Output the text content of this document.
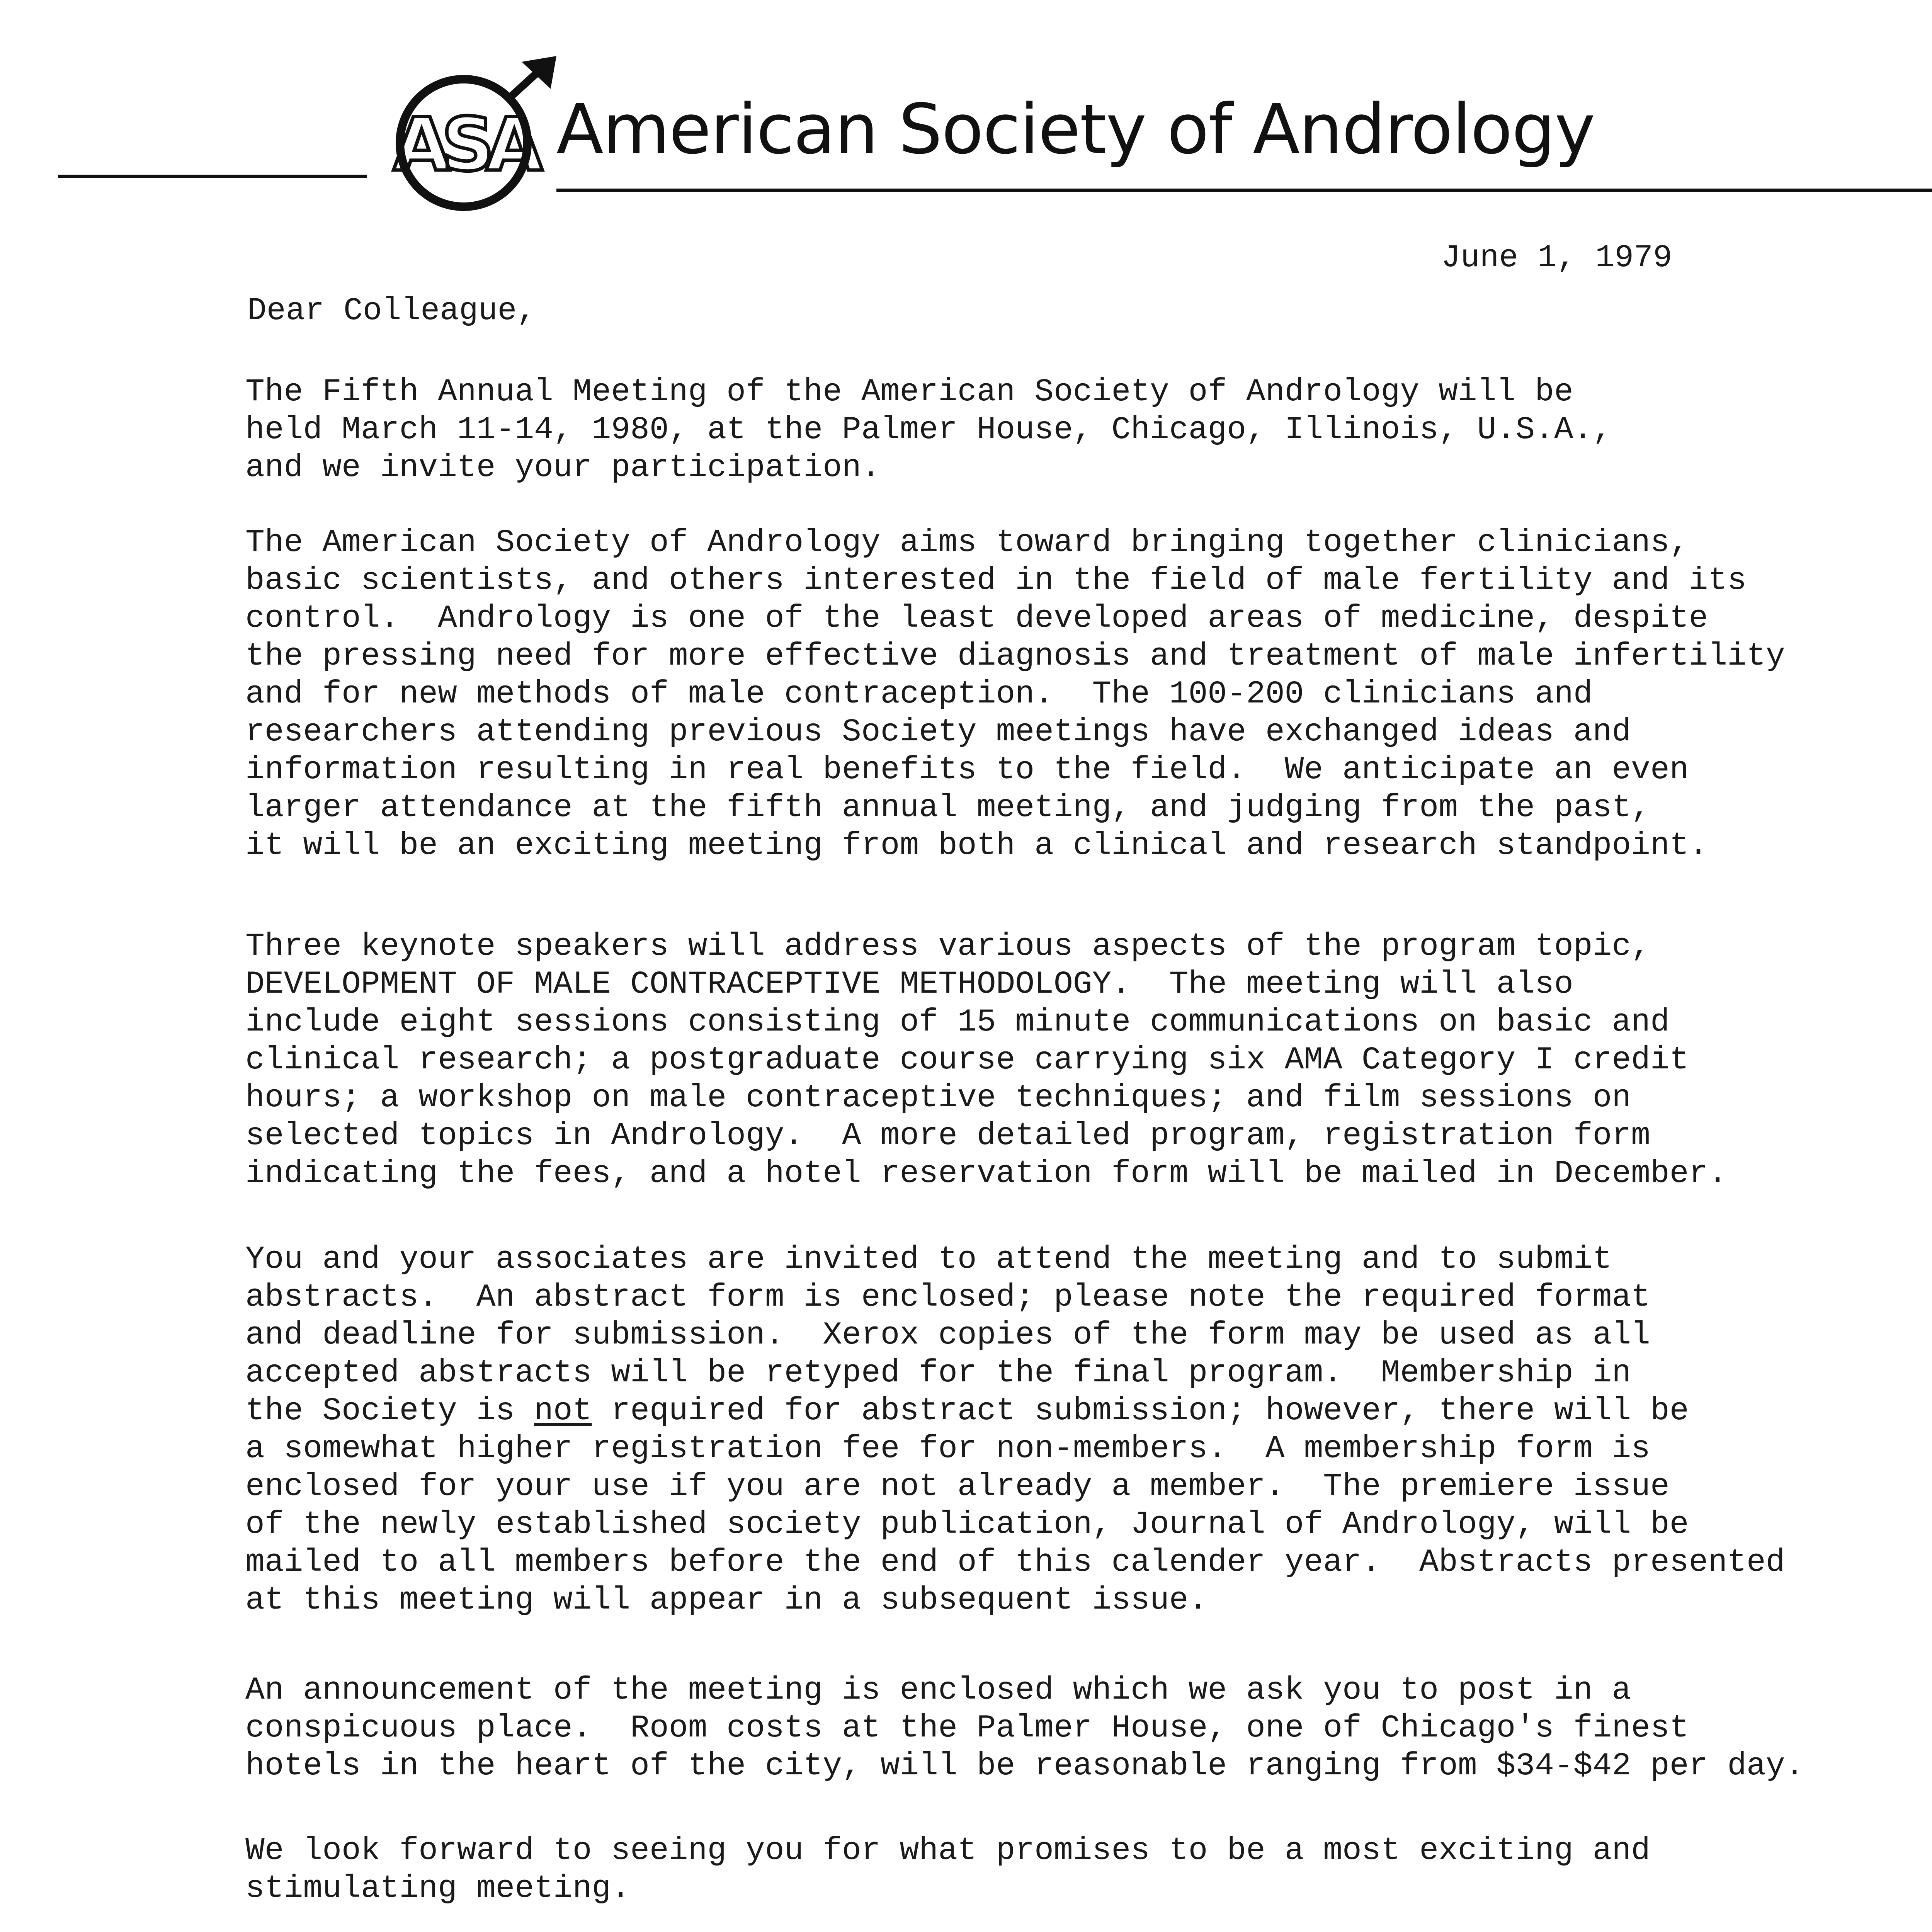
ASA American Society of Andrology
June 1, 1979
Dear Colleague,

The Fifth Annual Meeting of the American Society of Andrology will be
held March 11-14, 1980, at the Palmer House, Chicago, Illinois, U.S.A.,
and we invite your participation.

The American Society of Andrology aims toward bringing together clinicians,
basic scientists, and others interested in the field of male fertility and its
control.  Andrology is one of the least developed areas of medicine, despite
the pressing need for more effective diagnosis and treatment of male infertility
and for new methods of male contraception.  The 100-200 clinicians and
researchers attending previous Society meetings have exchanged ideas and
information resulting in real benefits to the field.  We anticipate an even
larger attendance at the fifth annual meeting, and judging from the past,
it will be an exciting meeting from both a clinical and research standpoint.

Three keynote speakers will address various aspects of the program topic,
DEVELOPMENT OF MALE CONTRACEPTIVE METHODOLOGY.  The meeting will also
include eight sessions consisting of 15 minute communications on basic and
clinical research; a postgraduate course carrying six AMA Category I credit
hours; a workshop on male contraceptive techniques; and film sessions on
selected topics in Andrology.  A more detailed program, registration form
indicating the fees, and a hotel reservation form will be mailed in December.

You and your associates are invited to attend the meeting and to submit
abstracts.  An abstract form is enclosed; please note the required format
and deadline for submission.  Xerox copies of the form may be used as all
accepted abstracts will be retyped for the final program.  Membership in
the Society is not required for abstract submission; however, there will be
a somewhat higher registration fee for non-members.  A membership form is
enclosed for your use if you are not already a member.  The premiere issue
of the newly established society publication, Journal of Andrology, will be
mailed to all members before the end of this calender year.  Abstracts presented
at this meeting will appear in a subsequent issue.

An announcement of the meeting is enclosed which we ask you to post in a
conspicuous place.  Room costs at the Palmer House, one of Chicago's finest
hotels in the heart of the city, will be reasonable ranging from $34-$42 per day.

We look forward to seeing you for what promises to be a most exciting and
stimulating meeting.
